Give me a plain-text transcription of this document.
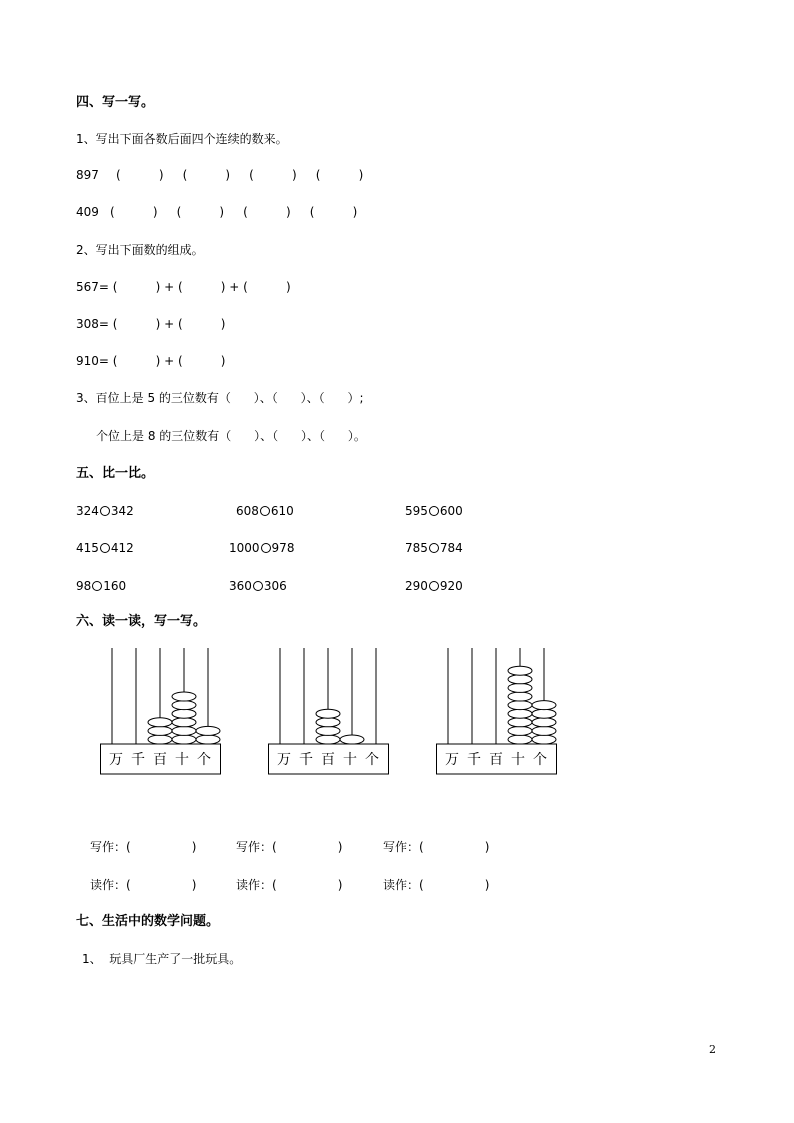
四、写一写。
1、写出下面各数后面四个连续的数来。
897 (          )     (          )     (          )     (          )
409 (          )     (          )     (          )     (          )
2、写出下面数的组成。
567= (          ) + (          ) + (          )
308= (          ) + (          )
910= (          ) + (          )
3、百位上是 5 的三位数有（      ）、（      ）、（      ）;
个位上是 8 的三位数有（      ）、（      ）、（      ）。
五、比一比。
324 342	608 610	595 600
415 412	1000 978	785 784
98 160	360 306	290 920
六、读一读，写一写。
万 千 百 十 个	万 千 百 十 个	万 千 百 十 个
写作：(                )	写作：(                )	写作：(                )
读作：(                )	读作：(                )	读作：(                )
七、生活中的数学问题。
1、  玩具厂生产了一批玩具。
2
